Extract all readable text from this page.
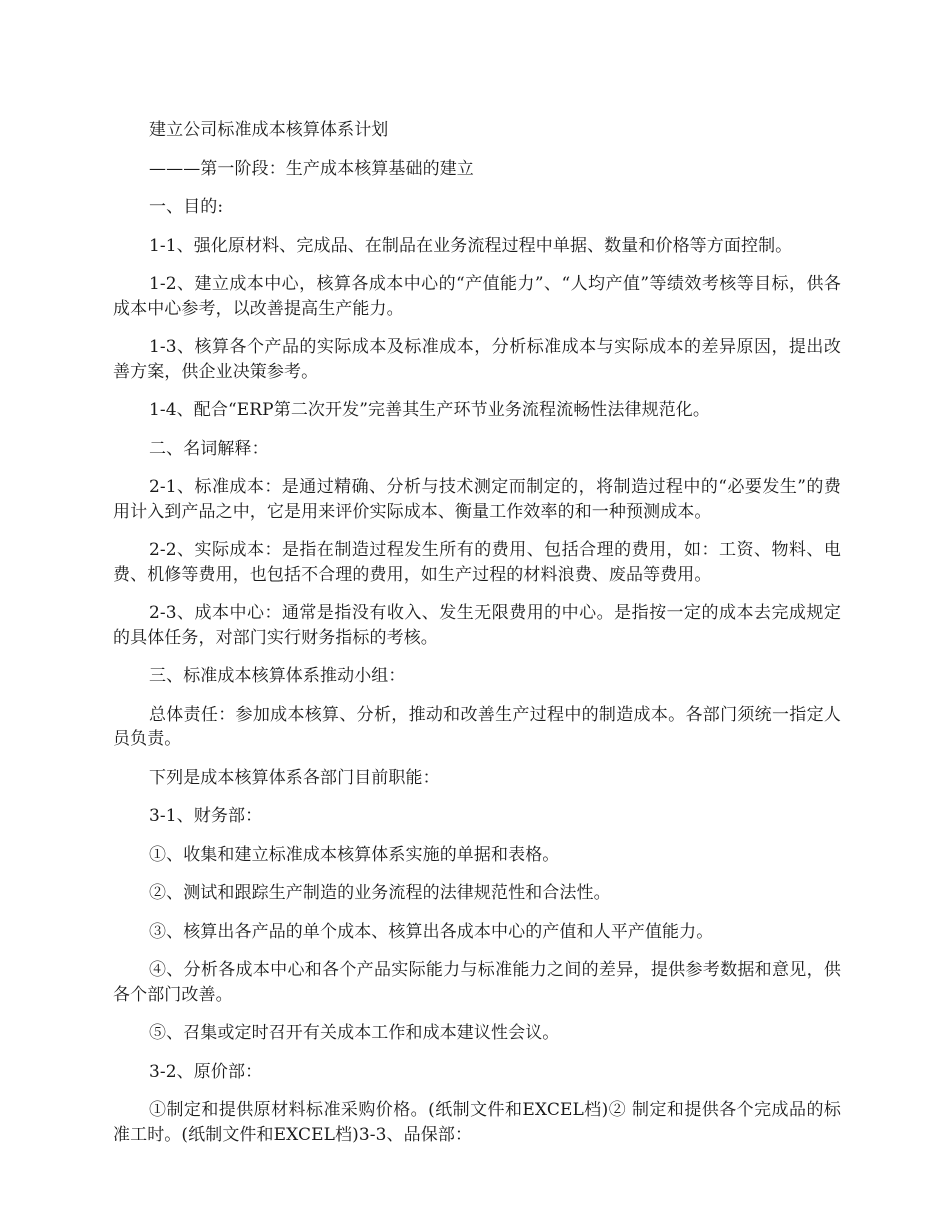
建立公司标准成本核算体系计划

———第一阶段：生产成本核算基础的建立

一、目的:

1-1、强化原材料、完成品、在制品在业务流程过程中单据、数量和价格等方面控制。

1-2、建立成本中心，核算各成本中心的“产值能力”、“人均产值”等绩效考核等目标，供各成本中心参考，以改善提高生产能力。

1-3、核算各个产品的实际成本及标准成本，分析标准成本与实际成本的差异原因，提出改善方案，供企业决策参考。

1-4、配合“ERP第二次开发”完善其生产环节业务流程流畅性法律规范化。

二、名词解释：

2-1、标准成本：是通过精确、分析与技术测定而制定的，将制造过程中的“必要发生”的费用计入到产品之中，它是用来评价实际成本、衡量工作效率的和一种预测成本。

2-2、实际成本：是指在制造过程发生所有的费用、包括合理的费用，如：工资、物料、电费、机修等费用，也包括不合理的费用，如生产过程的材料浪费、废品等费用。

2-3、成本中心：通常是指没有收入、发生无限费用的中心。是指按一定的成本去完成规定的具体任务，对部门实行财务指标的考核。

三、标准成本核算体系推动小组：

总体责任：参加成本核算、分析，推动和改善生产过程中的制造成本。各部门须统一指定人员负责。

下列是成本核算体系各部门目前职能：

3-1、财务部：

①、收集和建立标准成本核算体系实施的单据和表格。

②、测试和跟踪生产制造的业务流程的法律规范性和合法性。

③、核算出各产品的单个成本、核算出各成本中心的产值和人平产值能力。

④、分析各成本中心和各个产品实际能力与标准能力之间的差异，提供参考数据和意见，供各个部门改善。

⑤、召集或定时召开有关成本工作和成本建议性会议。

3-2、原价部：

①制定和提供原材料标准采购价格。(纸制文件和EXCEL档)② 制定和提供各个完成品的标准工时。(纸制文件和EXCEL档)3-3、品保部：
